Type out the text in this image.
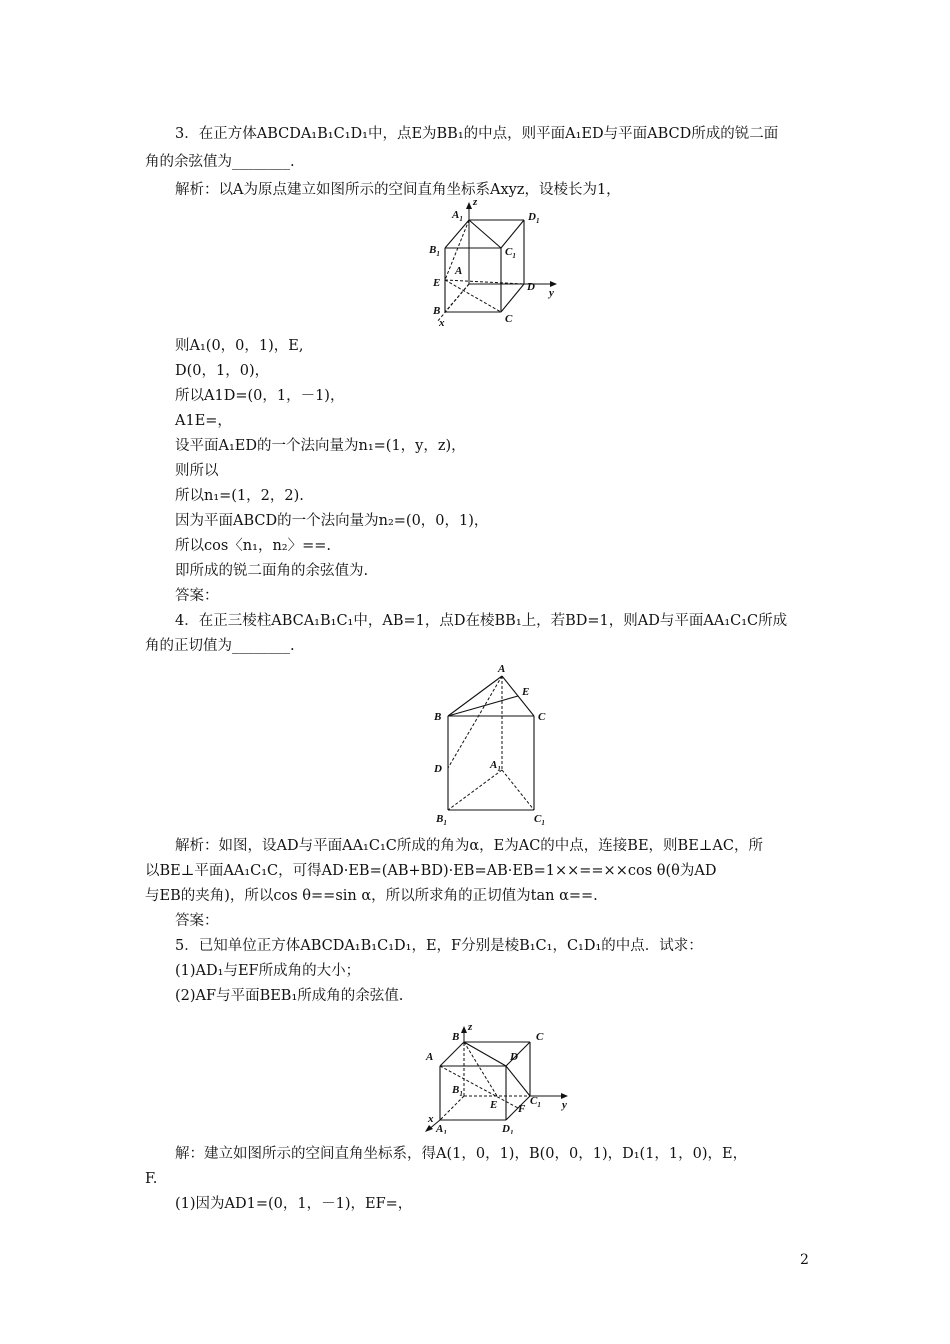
3．在正方体ABCDA₁B₁C₁D₁中，点E为BB₁的中点，则平面A₁ED与平面ABCD所成的锐二面
角的余弦值为________.
解析：以A为原点建立如图所示的空间直角坐标系Axyz，设棱长为1，
z
y
x
$A_1$	$D_1$
$B_1$	$C_1$
A
E	D
B
C
则A₁(0，0，1)，E,
D(0，1，0)，
所以A1D=(0，1，－1)，
A1E=，
设平面A₁ED的一个法向量为n₁=(1，y，z)，
则所以
所以n₁=(1，2，2).
因为平面ABCD的一个法向量为n₂=(0，0，1)，
所以cos〈n₁，n₂〉==.
即所成的锐二面角的余弦值为.
答案：
4．在正三棱柱ABCA₁B₁C₁中，AB=1，点D在棱BB₁上，若BD=1，则AD与平面AA₁C₁C所成
角的正切值为________.
A
E
B	C
D	$A_1$
$B_1$	$C_1$
解析：如图，设AD与平面AA₁C₁C所成的角为α，E为AC的中点，连接BE，则BE⊥AC，所
以BE⊥平面AA₁C₁C，可得AD·EB=(AB+BD)·EB=AB·EB=1××==××cos θ(θ为AD
与EB的夹角)，所以cos θ==sin α，所以所求角的正切值为tan α==.
答案：
5．已知单位正方体ABCDA₁B₁C₁D₁，E，F分别是棱B₁C₁，C₁D₁的中点．试求：
(1)AD₁与EF所成角的大小；
(2)AF与平面BEB₁所成角的余弦值.
z
y
x
B	C
A	D
$B_1$
E F
$C_1$
$A_1$	$D_1$
解：建立如图所示的空间直角坐标系，得A(1，0，1)，B(0，0，1)，D₁(1，1，0)，E，
F.
(1)因为AD1=(0，1，－1)，EF=，
2
